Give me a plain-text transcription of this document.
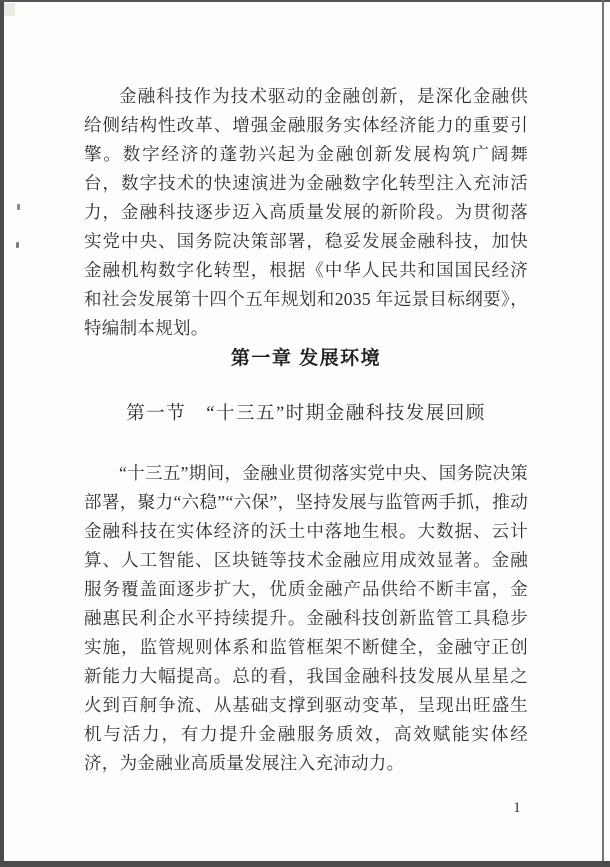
金融科技作为技术驱动的金融创新，是深化金融供给侧结构性改革、增强金融服务实体经济能力的重要引擎。数字经济的蓬勃兴起为金融创新发展构筑广阔舞台，数字技术的快速演进为金融数字化转型注入充沛活力，金融科技逐步迈入高质量发展的新阶段。为贯彻落实党中央、国务院决策部署，稳妥发展金融科技，加快金融机构数字化转型，根据《中华人民共和国国民经济和社会发展第十四个五年规划和2035 年远景目标纲要》，特编制本规划。

第一章 发展环境
第一节　“十三五”时期金融科技发展回顾

“十三五”期间，金融业贯彻落实党中央、国务院决策部署，聚力“六稳”“六保”，坚持发展与监管两手抓，推动金融科技在实体经济的沃土中落地生根。大数据、云计算、人工智能、区块链等技术金融应用成效显著。金融服务覆盖面逐步扩大，优质金融产品供给不断丰富，金融惠民利企水平持续提升。金融科技创新监管工具稳步实施，监管规则体系和监管框架不断健全，金融守正创新能力大幅提高。总的看，我国金融科技发展从星星之火到百舸争流、从基础支撑到驱动变革，呈现出旺盛生机与活力，有力提升金融服务质效，高效赋能实体经济，为金融业高质量发展注入充沛动力。

1
